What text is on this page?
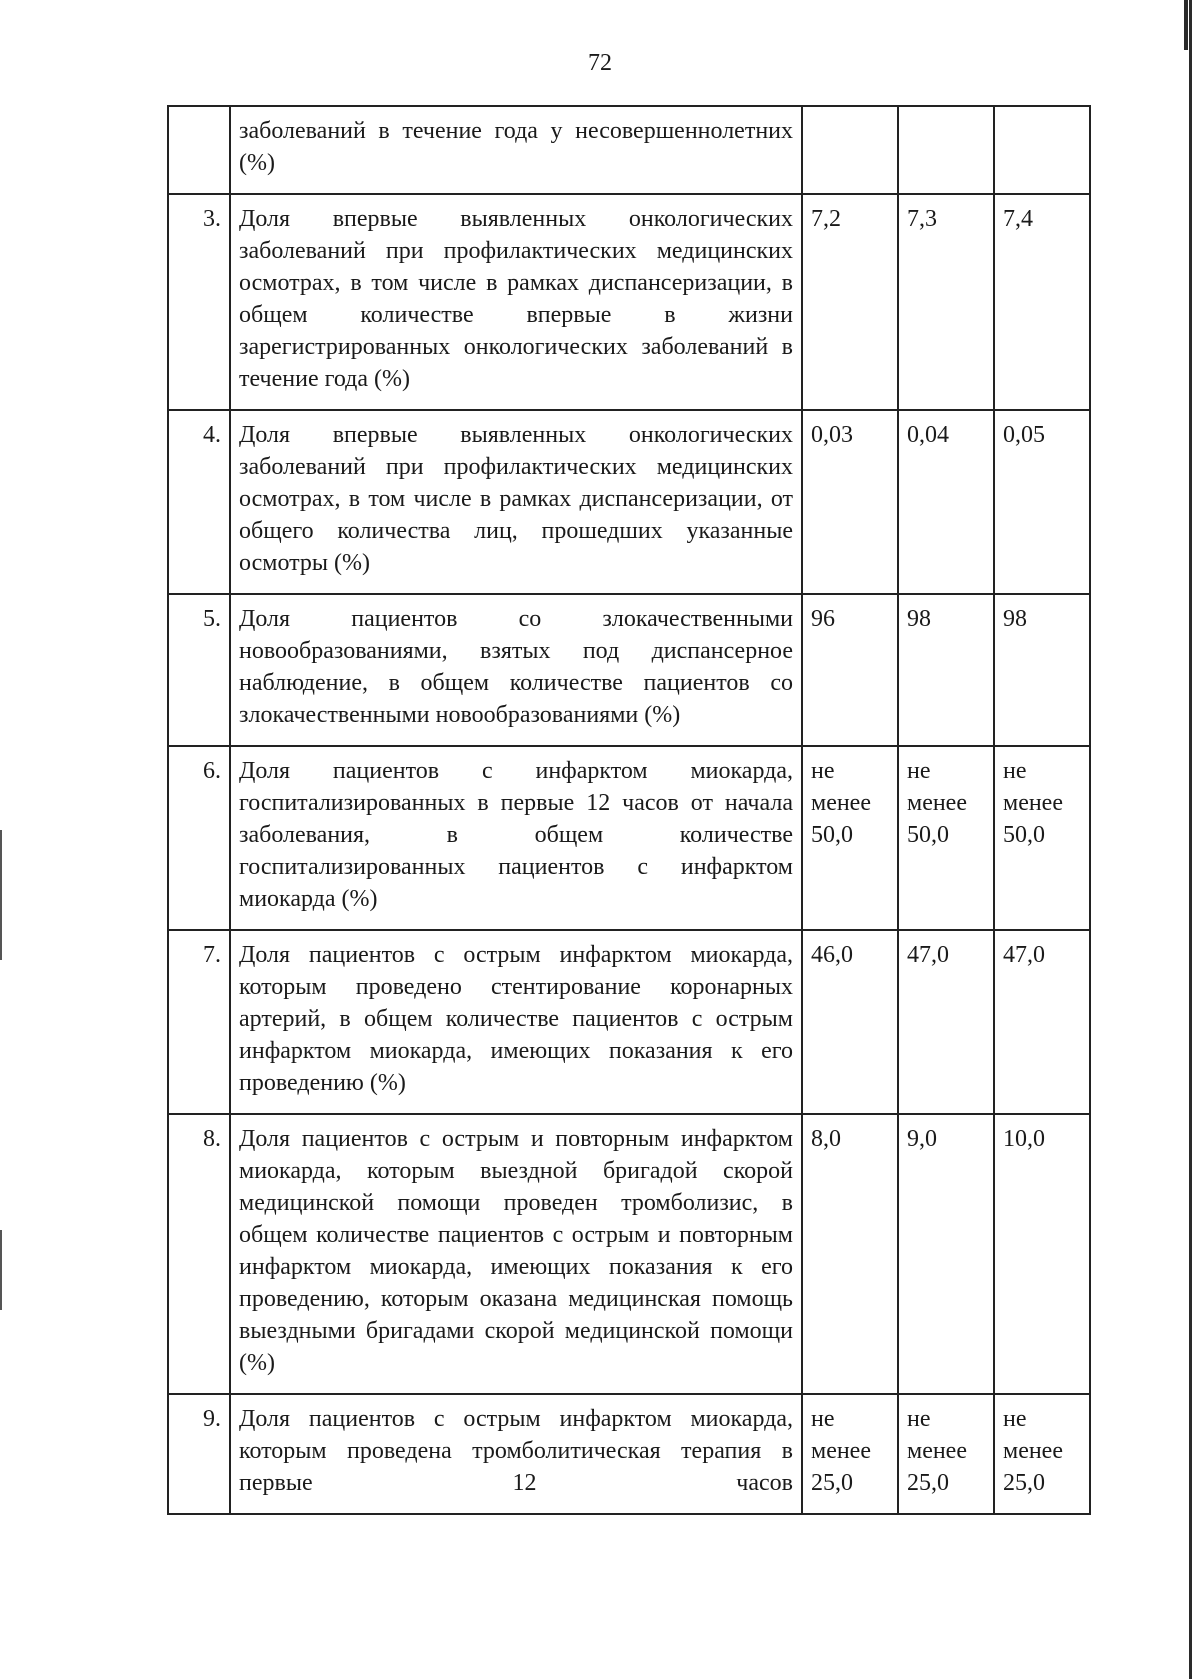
72
	заболеваний в течение года у несовершеннолетних (%)			
3.	Доля впервые выявленных онкологических заболеваний при профилактических медицинских осмотрах, в том числе в рамках диспансеризации, в общем количестве впервые в жизни зарегистрированных онкологических заболеваний в течение года (%)	7,2	7,3	7,4
4.	Доля впервые выявленных онкологических заболеваний при профилактических медицинских осмотрах, в том числе в рамках диспансеризации, от общего количества лиц, прошедших указанные осмотры (%)	0,03	0,04	0,05
5.	Доля пациентов со злокачественными новообразованиями, взятых под диспансерное наблюдение, в общем количестве пациентов со злокачественными новообразованиями (%)	96	98	98
6.	Доля пациентов с инфарктом миокарда, госпитализированных в первые 12 часов от начала заболевания, в общем количестве госпитализированных пациентов с инфарктом миокарда (%)	не менее 50,0	не менее 50,0	не менее 50,0
7.	Доля пациентов с острым инфарктом миокарда, которым проведено стентирование коронарных артерий, в общем количестве пациентов с острым инфарктом миокарда, имеющих показания к его проведению (%)	46,0	47,0	47,0
8.	Доля пациентов с острым и повторным инфарктом миокарда, которым выездной бригадой скорой медицинской помощи проведен тромболизис, в общем количестве пациентов с острым и повторным инфарктом миокарда, имеющих показания к его проведению, которым оказана медицинская помощь выездными бригадами скорой медицинской помощи (%)	8,0	9,0	10,0
9.	Доля пациентов с острым инфарктом миокарда, которым проведена тромболитическая терапия в первые 12 часов	не менее 25,0	не менее 25,0	не менее 25,0
